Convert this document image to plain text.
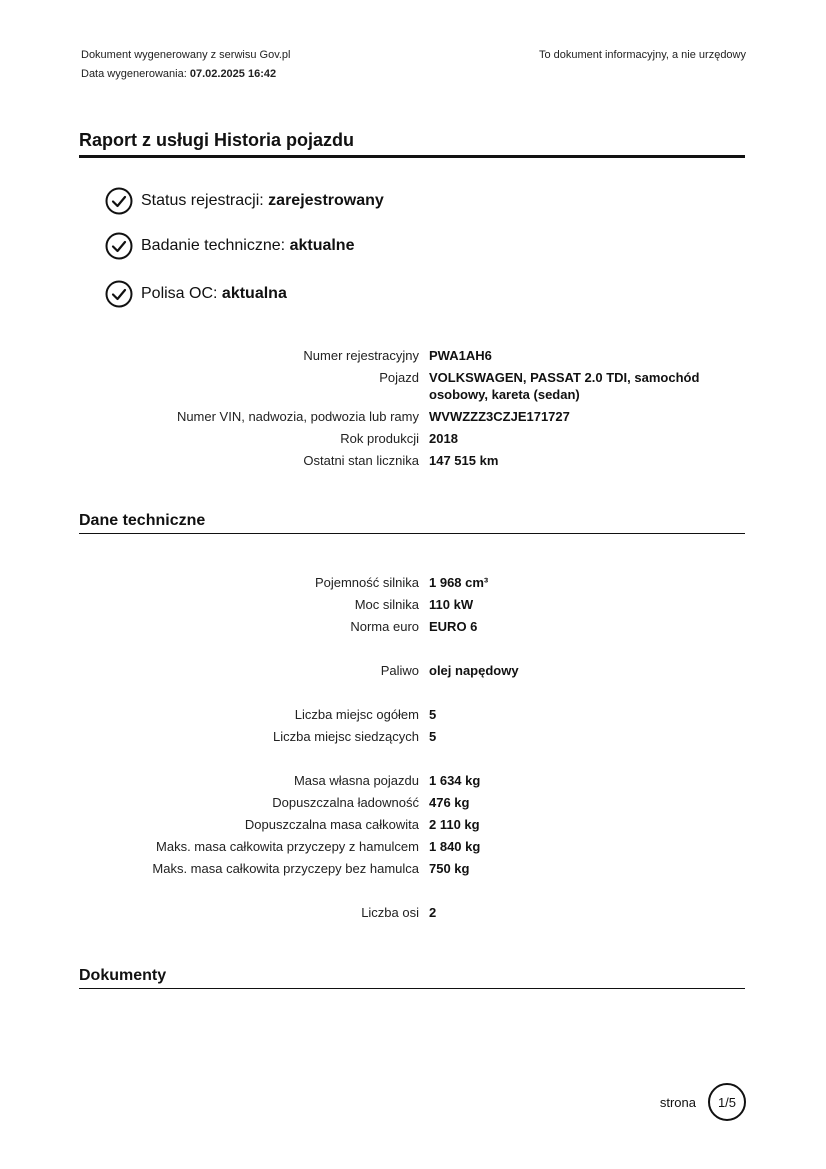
Dokument wygenerowany z serwisu Gov.pl
Data wygenerowania: 07.02.2025 16:42
To dokument informacyjny, a nie urzędowy
Raport z usługi Historia pojazdu
Status rejestracji:
zarejestrowany
Badanie techniczne:
aktualne
Polisa OC:
aktualna
Numer rejestracyjny PWA1AH6
Pojazd VOLKSWAGEN, PASSAT 2.0 TDI, samochód osobowy, kareta (sedan)
Numer VIN, nadwozia, podwozia lub ramy WVWZZZ3CZJE171727
Rok produkcji 2018
Ostatni stan licznika 147 515 km
Dane techniczne
Pojemność silnika 1 968 cm³
Moc silnika 110 kW
Norma euro EURO 6
Paliwo olej napędowy
Liczba miejsc ogółem 5
Liczba miejsc siedzących 5
Masa własna pojazdu 1 634 kg
Dopuszczalna ładowność 476 kg
Dopuszczalna masa całkowita 2 110 kg
Maks. masa całkowita przyczepy z hamulcem 1 840 kg
Maks. masa całkowita przyczepy bez hamulca 750 kg
Liczba osi 2
Dokumenty
strona	1/5
